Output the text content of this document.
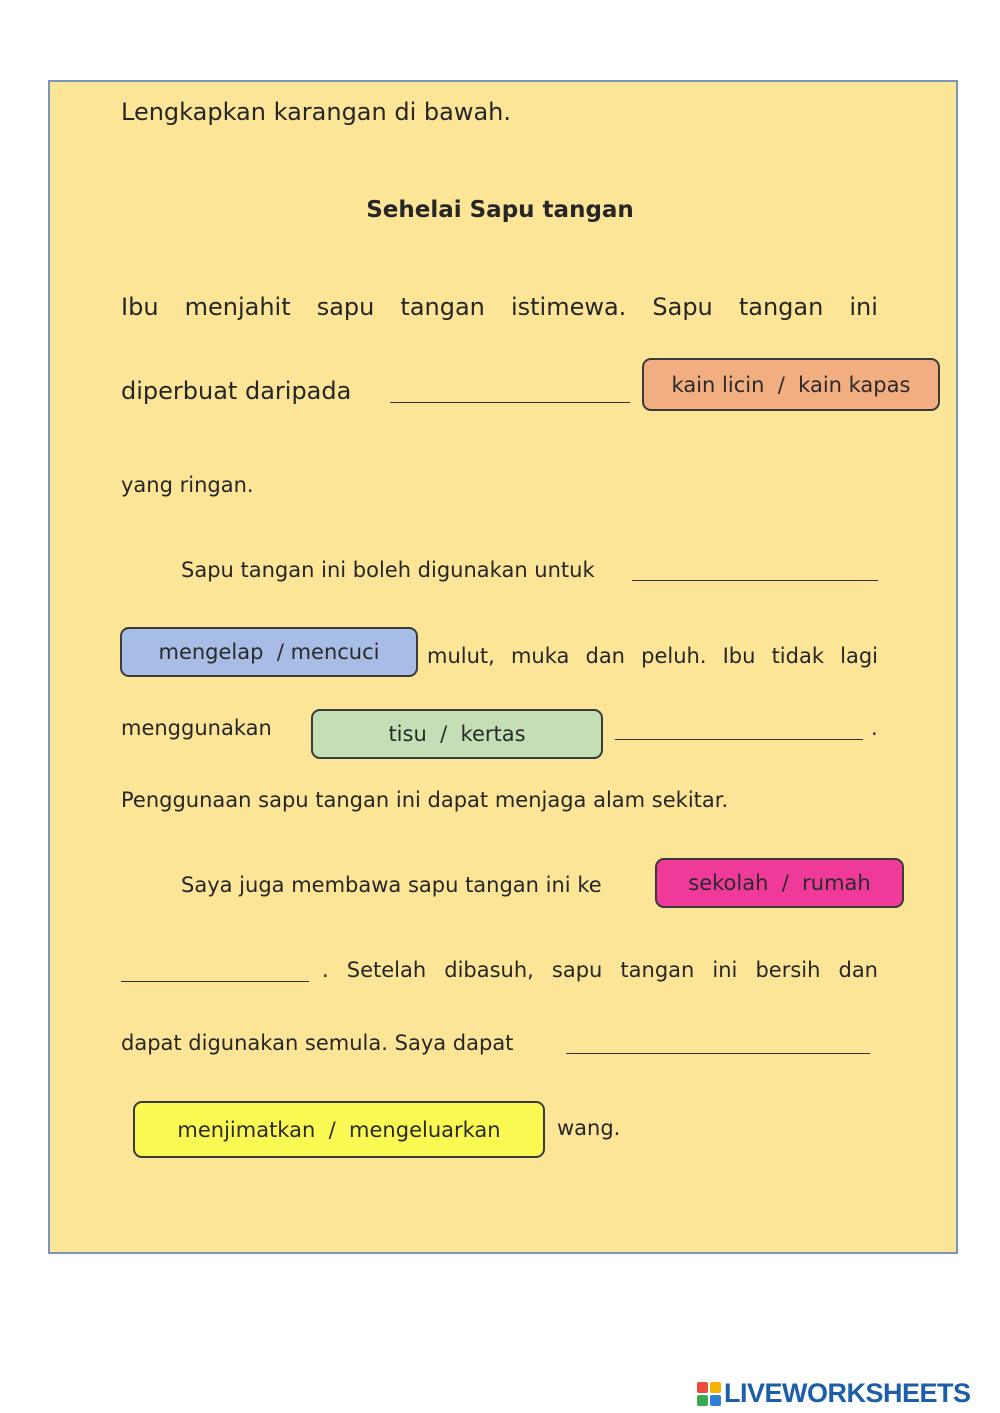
Lengkapkan karangan di bawah.
Sehelai Sapu tangan
Ibu menjahit sapu tangan istimewa. Sapu tangan ini
diperbuat daripada	kain licin  /  kain kapas
yang ringan.
Sapu tangan ini boleh digunakan untuk
mengelap  / mencuci	mulut, muka dan peluh. Ibu tidak lagi
menggunakan	tisu  /  kertas	.
Penggunaan sapu tangan ini dapat menjaga alam sekitar.
Saya juga membawa sapu tangan ini ke	sekolah  /  rumah
. Setelah dibasuh, sapu tangan ini bersih dan
dapat digunakan semula. Saya dapat
menjimatkan  /  mengeluarkan	wang.
LIVEWORKSHEETS
